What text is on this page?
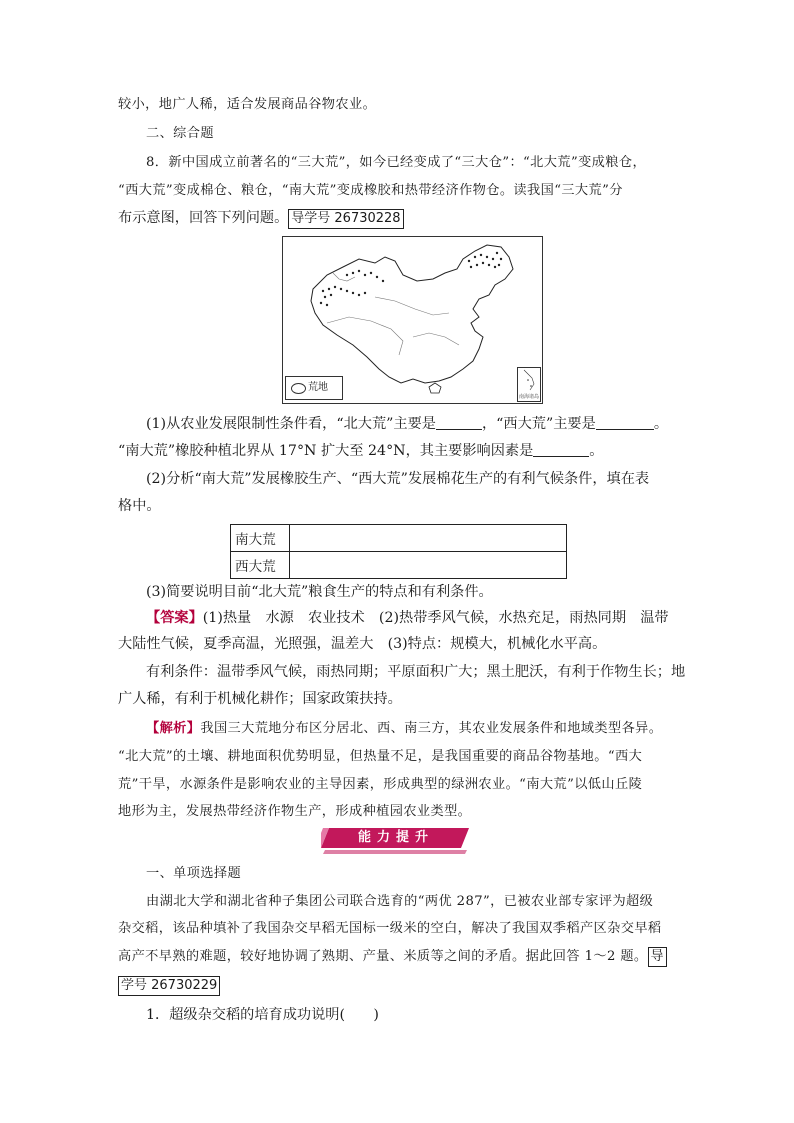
较小，地广人稀，适合发展商品谷物农业。
二、综合题
8．新中国成立前著名的“三大荒”，如今已经变成了“三大仓”：“北大荒”变成粮仓，
“西大荒”变成棉仓、粮仓，“南大荒”变成橡胶和热带经济作物仓。读我国“三大荒”分
布示意图，回答下列问题。 导学号 26730228
荒地
南海诸岛
(1)从农业发展限制性条件看，“北大荒”主要是	，“西大荒”主要是	。
“南大荒”橡胶种植北界从 17°N 扩大至 24°N，其主要影响因素是	。
(2)分析“南大荒”发展橡胶生产、“西大荒”发展棉花生产的有利气候条件，填在表
格中。
南大荒	
西大荒	
(3)简要说明目前“北大荒”粮食生产的特点和有利条件。
【答案】(1)热量　水源　农业技术　(2)热带季风气候，水热充足，雨热同期　温带
大陆性气候，夏季高温，光照强，温差大　(3)特点：规模大，机械化水平高。
有利条件：温带季风气候，雨热同期；平原面积广大；黑土肥沃，有利于作物生长；地
广人稀，有利于机械化耕作；国家政策扶持。
【解析】我国三大荒地分布区分居北、西、南三方，其农业发展条件和地域类型各异。
“北大荒”的土壤、耕地面积优势明显，但热量不足，是我国重要的商品谷物基地。“西大
荒”干旱，水源条件是影响农业的主导因素，形成典型的绿洲农业。“南大荒”以低山丘陵
地形为主，发展热带经济作物生产，形成种植园农业类型。
能力提升
一、单项选择题
由湖北大学和湖北省种子集团公司联合选育的“两优 287”，已被农业部专家评为超级
杂交稻，该品种填补了我国杂交早稻无国标一级米的空白，解决了我国双季稻产区杂交早稻
高产不早熟的难题，较好地协调了熟期、产量、米质等之间的矛盾。据此回答 1～2 题。 导
学号 26730229
1．超级杂交稻的培育成功说明(　　)
